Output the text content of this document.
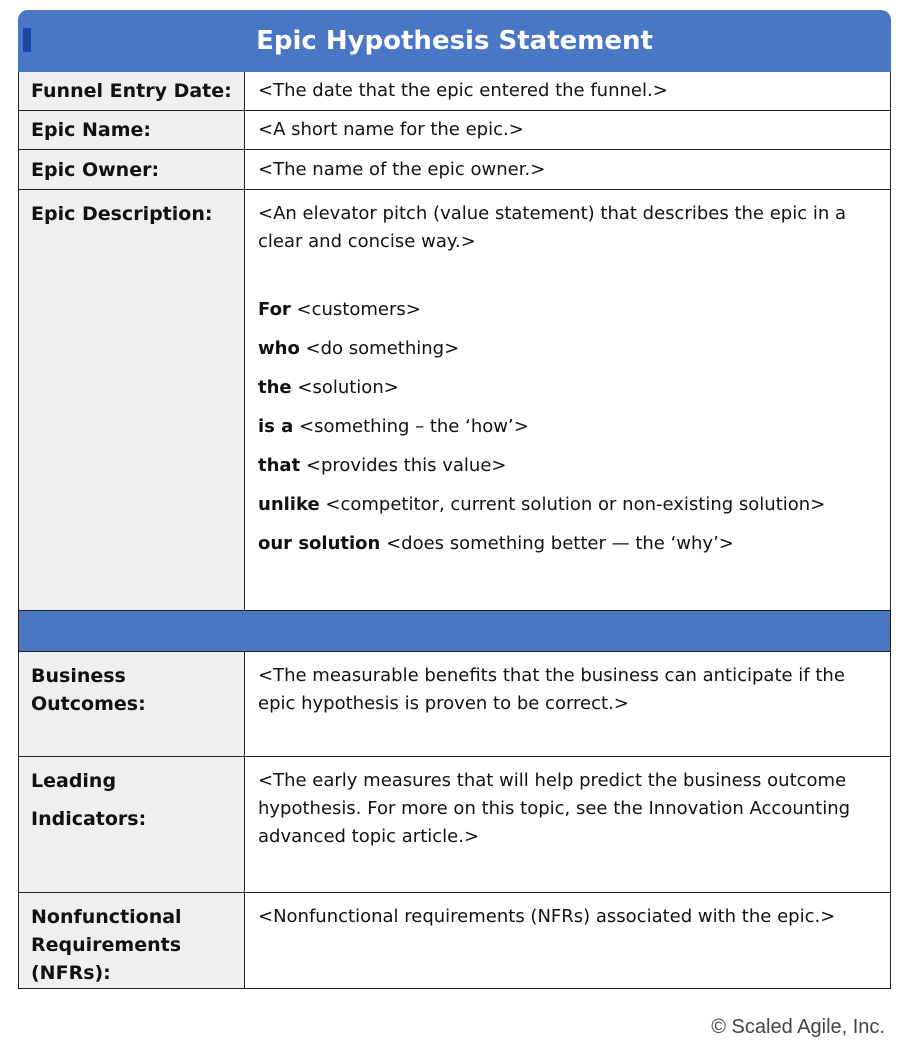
Epic Hypothesis Statement
Funnel Entry Date:	<The date that the epic entered the funnel.>
Epic Name:	<A short name for the epic.>
Epic Owner:	<The name of the epic owner.>
Epic Description:	<An elevator pitch (value statement) that describes the epic in a clear and concise way.>
For <customers>
who <do something>
the <solution>
is a <something – the ‘how’>
that <provides this value>
unlike <competitor, current solution or non-existing solution>
our solution <does something better — the ‘why’>
Business Outcomes:
<The measurable benefits that the business can anticipate if the epic hypothesis is proven to be correct.>
Leading Indicators:
<The early measures that will help predict the business outcome hypothesis. For more on this topic, see the Innovation Accounting advanced topic article.>
Nonfunctional Requirements (NFRs):
<Nonfunctional requirements (NFRs) associated with the epic.>
© Scaled Agile, Inc.
